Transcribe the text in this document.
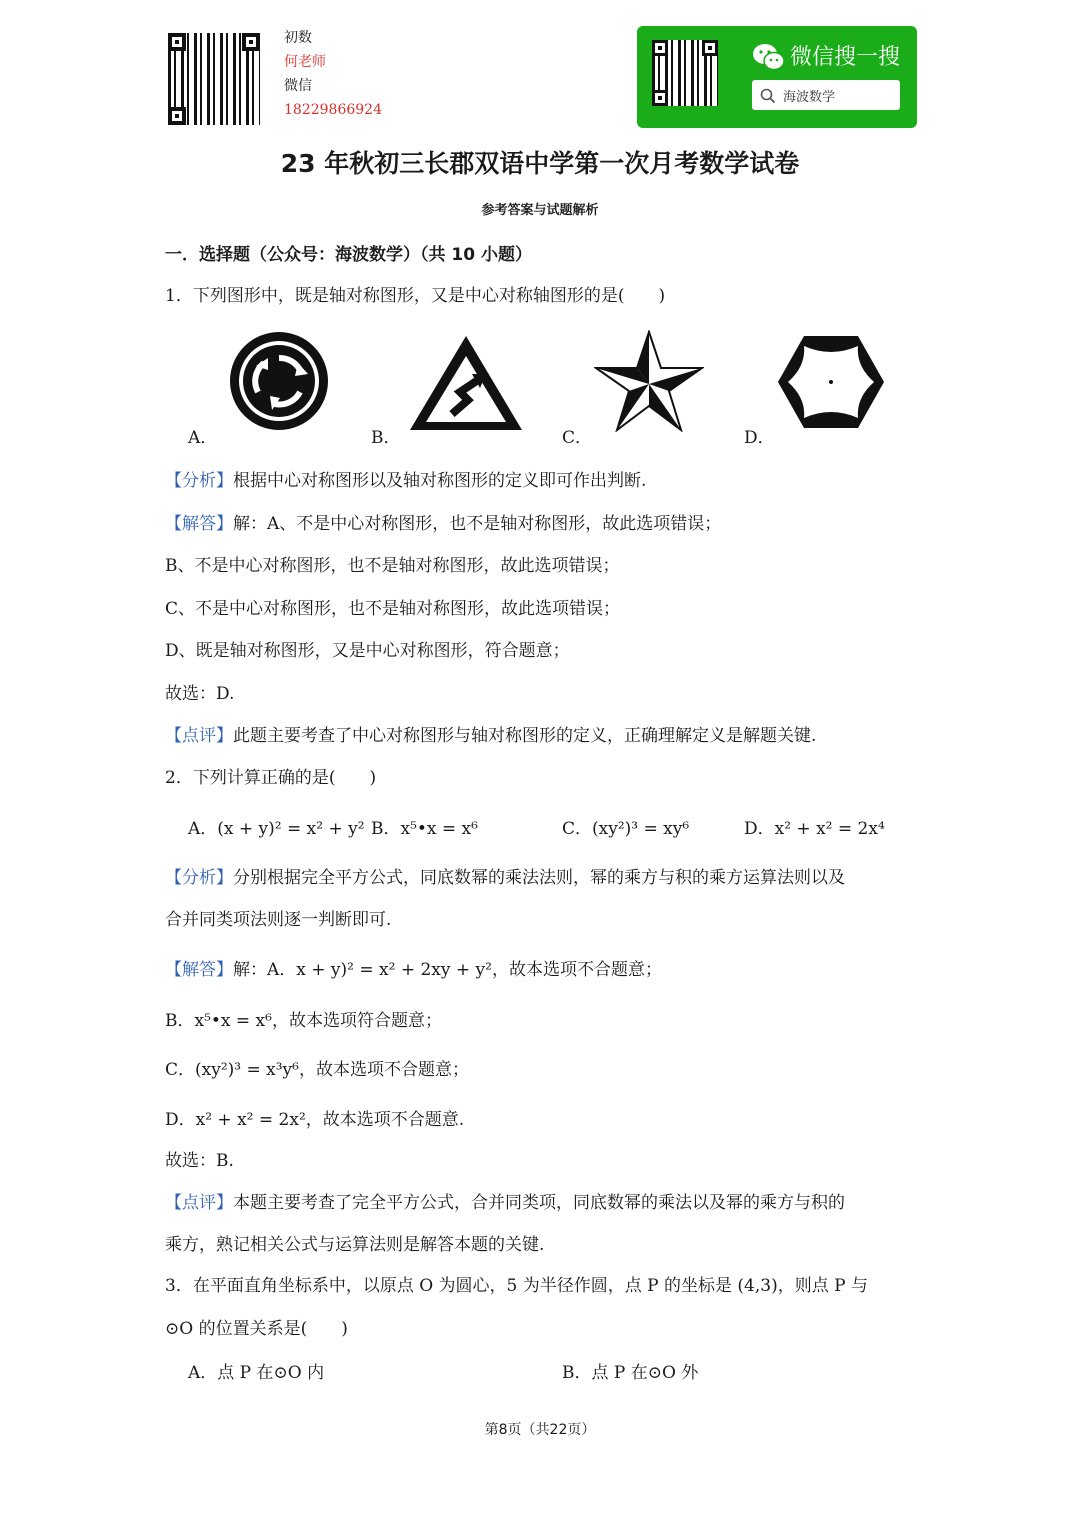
初数
何老师
微信
18229866924
微信搜一搜
海波数学
23 年秋初三长郡双语中学第一次月考数学试卷
参考答案与试题解析
一．选择题（公众号：海波数学）（共 10 小题）
1．下列图形中，既是轴对称图形，又是中心对称轴图形的是(　　)
A．	B．	C．	D．
【分析】根据中心对称图形以及轴对称图形的定义即可作出判断.
【解答】解：A、不是中心对称图形，也不是轴对称图形，故此选项错误；
B、不是中心对称图形，也不是轴对称图形，故此选项错误；
C、不是中心对称图形，也不是轴对称图形，故此选项错误；
D、既是轴对称图形，又是中心对称图形，符合题意；
故选：D.
【点评】此题主要考查了中心对称图形与轴对称图形的定义，正确理解定义是解题关键.
2．下列计算正确的是(　　)
A．(x + y)² = x² + y² B．x⁵•x = x⁶	C．(xy²)³ = xy⁶	D．x² + x² = 2x⁴
【分析】分别根据完全平方公式，同底数幂的乘法法则，幂的乘方与积的乘方运算法则以及
合并同类项法则逐一判断即可.
【解答】解：A．x + y)² = x² + 2xy + y²，故本选项不合题意；
B．x⁵•x = x⁶，故本选项符合题意；
C．(xy²)³ = x³y⁶，故本选项不合题意；
D．x² + x² = 2x²，故本选项不合题意.
故选：B.
【点评】本题主要考查了完全平方公式，合并同类项，同底数幂的乘法以及幂的乘方与积的
乘方，熟记相关公式与运算法则是解答本题的关键.
3．在平面直角坐标系中，以原点 O 为圆心，5 为半径作圆，点 P 的坐标是 (4,3)，则点 P 与
⊙O 的位置关系是(　　)
A．点 P 在⊙O 内	B．点 P 在⊙O 外
第8页（共22页）
